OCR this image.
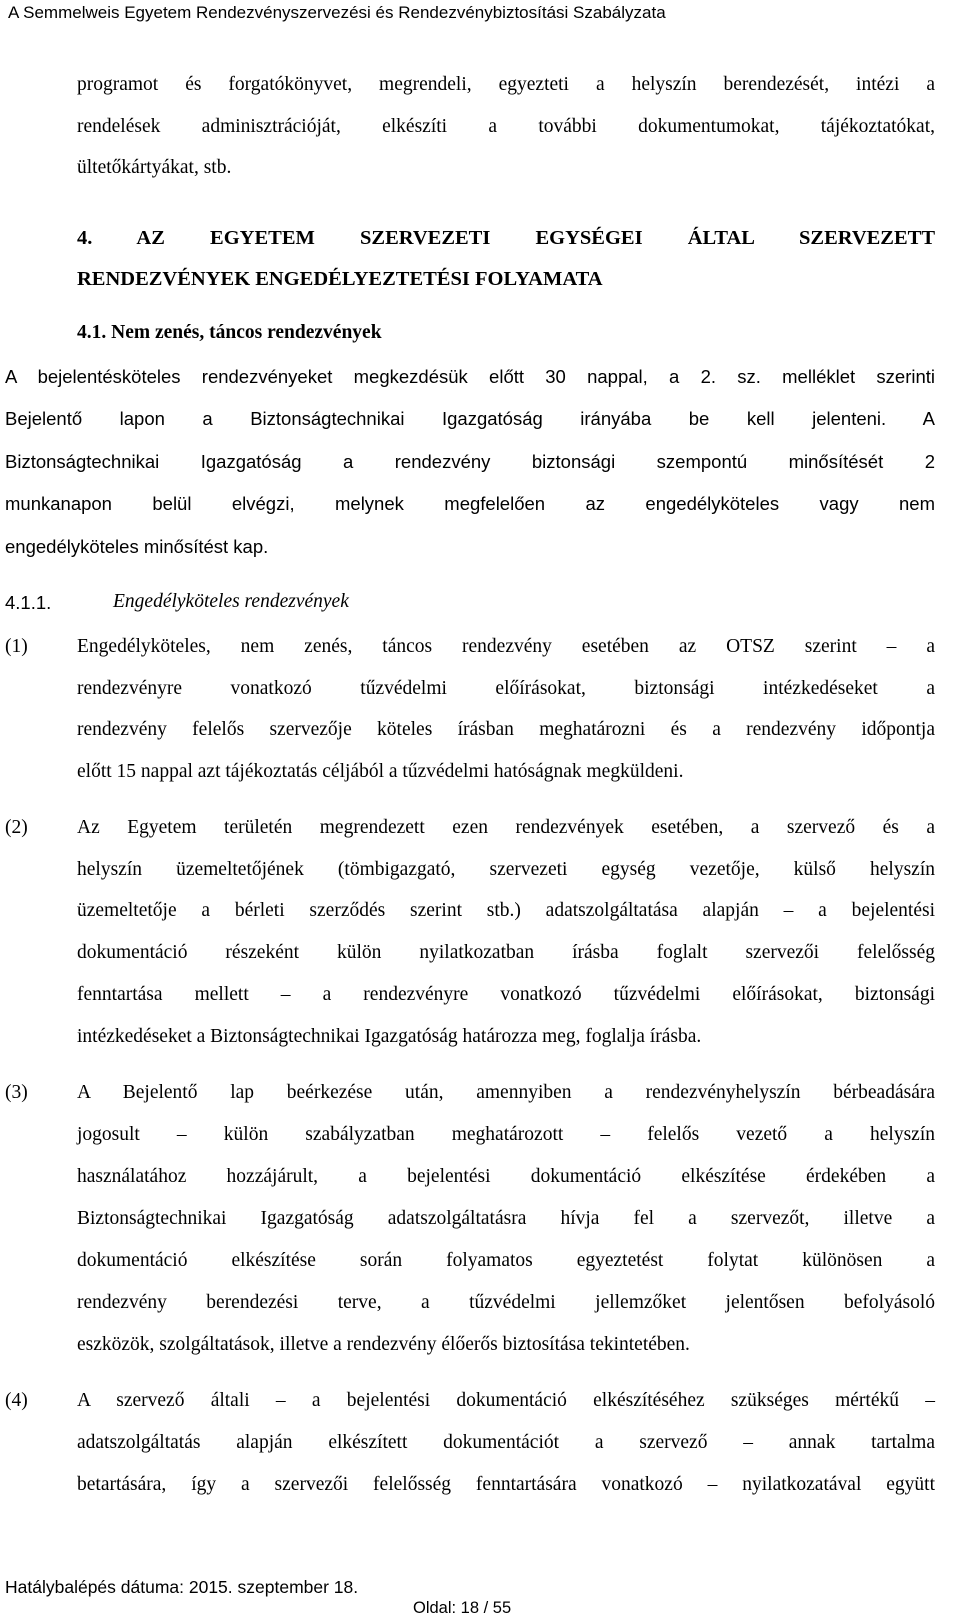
A Semmelweis Egyetem Rendezvényszervezési és Rendezvénybiztosítási Szabályzata
programot és forgatókönyvet, megrendeli, egyezteti a helyszín berendezését, intézi a
rendelések adminisztrációját, elkészíti a további dokumentumokat, tájékoztatókat,
ültetőkártyákat, stb.
4. AZ EGYETEM SZERVEZETI EGYSÉGEI ÁLTAL SZERVEZETT
RENDEZVÉNYEK ENGEDÉLYEZTETÉSI FOLYAMATA
4.1. Nem zenés, táncos rendezvények
A bejelentésköteles rendezvényeket megkezdésük előtt 30 nappal, a 2. sz. melléklet szerinti
Bejelentő lapon a Biztonságtechnikai Igazgatóság irányába be kell jelenteni. A
Biztonságtechnikai Igazgatóság a rendezvény biztonsági szempontú minősítését 2
munkanapon belül elvégzi, melynek megfelelően az engedélyköteles vagy nem
engedélyköteles minősítést kap.
4.1.1.	Engedélyköteles rendezvények
(1)	Engedélyköteles, nem zenés, táncos rendezvény esetében az OTSZ szerint – a
rendezvényre vonatkozó tűzvédelmi előírásokat, biztonsági intézkedéseket a
rendezvény felelős szervezője köteles írásban meghatározni és a rendezvény időpontja
előtt 15 nappal azt tájékoztatás céljából a tűzvédelmi hatóságnak megküldeni.
(2)	Az Egyetem területén megrendezett ezen rendezvények esetében, a szervező és a
helyszín üzemeltetőjének (tömbigazgató, szervezeti egység vezetője, külső helyszín
üzemeltetője a bérleti szerződés szerint stb.) adatszolgáltatása alapján – a bejelentési
dokumentáció részeként külön nyilatkozatban írásba foglalt szervezői felelősség
fenntartása mellett – a rendezvényre vonatkozó tűzvédelmi előírásokat, biztonsági
intézkedéseket a Biztonságtechnikai Igazgatóság határozza meg, foglalja írásba.
(3)	A Bejelentő lap beérkezése után, amennyiben a rendezvényhelyszín bérbeadására
jogosult – külön szabályzatban meghatározott – felelős vezető a helyszín
használatához hozzájárult, a bejelentési dokumentáció elkészítése érdekében a
Biztonságtechnikai Igazgatóság adatszolgáltatásra hívja fel a szervezőt, illetve a
dokumentáció elkészítése során folyamatos egyeztetést folytat különösen a
rendezvény berendezési terve, a tűzvédelmi jellemzőket jelentősen befolyásoló
eszközök, szolgáltatások, illetve a rendezvény élőerős biztosítása tekintetében.
(4)	A szervező általi – a bejelentési dokumentáció elkészítéséhez szükséges mértékű –
adatszolgáltatás alapján elkészített dokumentációt a szervező – annak tartalma
betartására, így a szervezői felelősség fenntartására vonatkozó – nyilatkozatával együtt
Hatálybalépés dátuma: 2015. szeptember 18.
Oldal: 18 / 55
